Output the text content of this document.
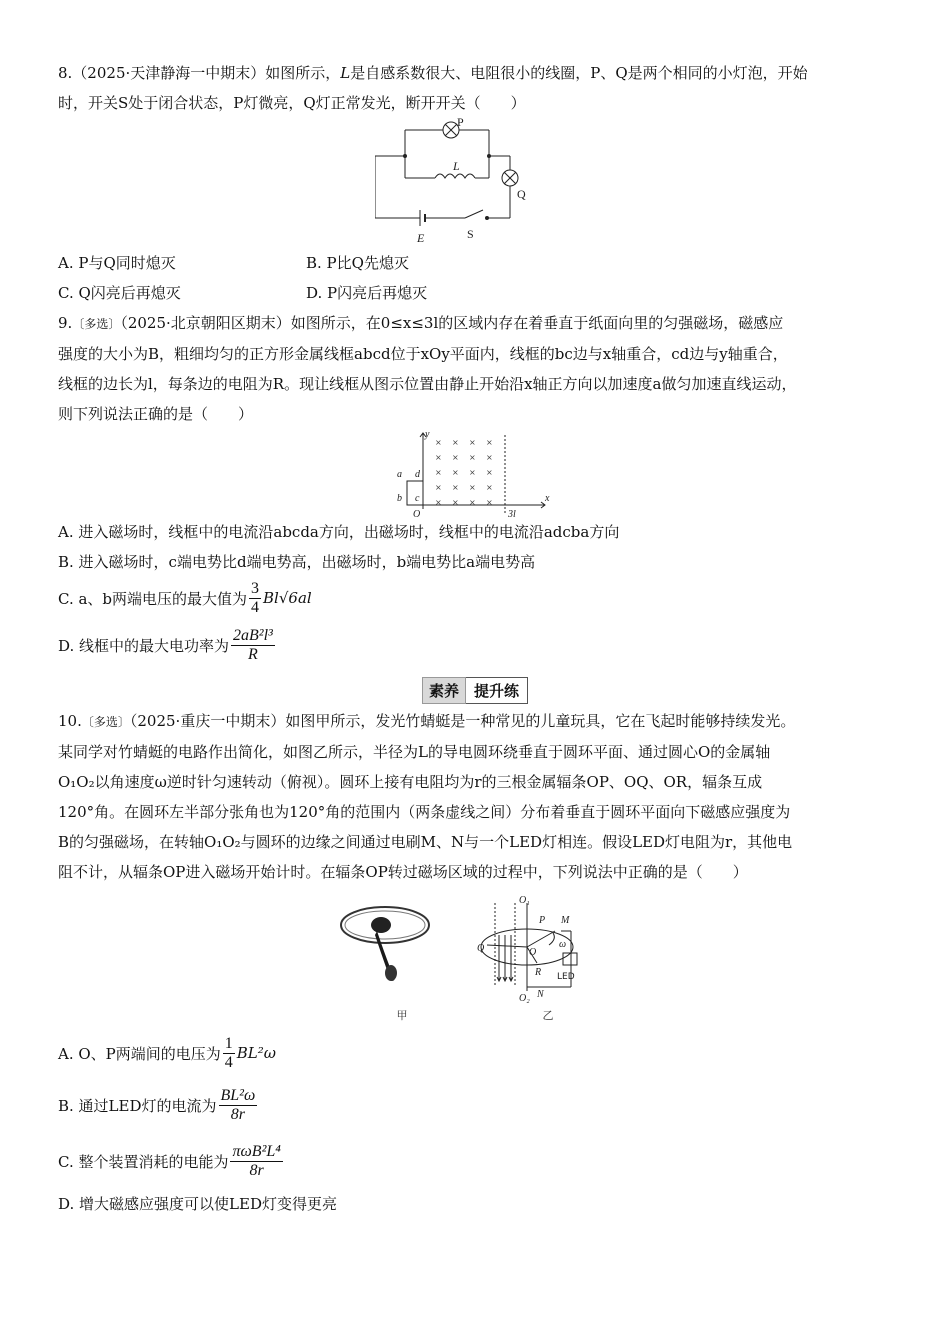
8.（2025·天津静海一中期末）如图所示，L是自感系数很大、电阻很小的线圈，P、Q是两个相同的小灯泡，开始
时，开关S处于闭合状态，P灯微亮，Q灯正常发光，断开开关（　　）

P
L
Q
E	S
A. P与Q同时熄灭	B. P比Q先熄灭
C. Q闪亮后再熄灭	D. P闪亮后再熄灭

9.〔多选〕（2025·北京朝阳区期末）如图所示，在0≤x≤3l的区域内存在着垂直于纸面向里的匀强磁场，磁感应
强度的大小为B，粗细均匀的正方形金属线框abcd位于xOy平面内，线框的bc边与x轴重合，cd边与y轴重合，
线框的边长为l，每条边的电阻为R。现让线框从图示位置由静止开始沿x轴正方向以加速度a做匀加速直线运动，
则下列说法正确的是（　　）

× × × ×
× × × ×
× × × ×
× × × ×
× × × ×
y
x
a
b c
d
O	3l
A. 进入磁场时，线框中的电流沿abcda方向，出磁场时，线框中的电流沿adcba方向
B. 进入磁场时，c端电势比d端电势高，出磁场时，b端电势比a端电势高
C. a、b两端电压的最大值为 $\frac{3}{4} Bl√6al$
D. 线框中的最大电功率为 $\frac{\text{2aB²l³}}{R}$
素养	提升练

10.〔多选〕（2025·重庆一中期末）如图甲所示，发光竹蜻蜓是一种常见的儿童玩具，它在飞起时能够持续发光。
某同学对竹蜻蜓的电路作出简化，如图乙所示，半径为L的导电圆环绕垂直于圆环平面、通过圆心O的金属轴
O₁O₂以角速度ω逆时针匀速转动（俯视）。圆环上接有电阻均为r的三根金属辐条OP、OQ、OR，辐条互成
120°角。在圆环左半部分张角也为120°角的范围内（两条虚线之间）分布着垂直于圆环平面向下磁感应强度为
B的匀强磁场，在转轴O₁O₂与圆环的边缘之间通过电刷M、N与一个LED灯相连。假设LED灯电阻为r，其他电
阻不计，从辐条OP进入磁场开始计时。在辐条OP转过磁场区域的过程中，下列说法中正确的是（　　）

O₁
P M
Q	O
ω
R
N
O₂
LED
甲	乙
A. O、P两端间的电压为 $\frac{1}{4} BL^2\omega$
B. 通过LED灯的电流为 $\frac{\text{BL²ω}}{8r}$
C. 整个装置消耗的电能为 $\frac{\text{πωB²L⁴}}{8r}$
D. 增大磁感应强度可以使LED灯变得更亮
